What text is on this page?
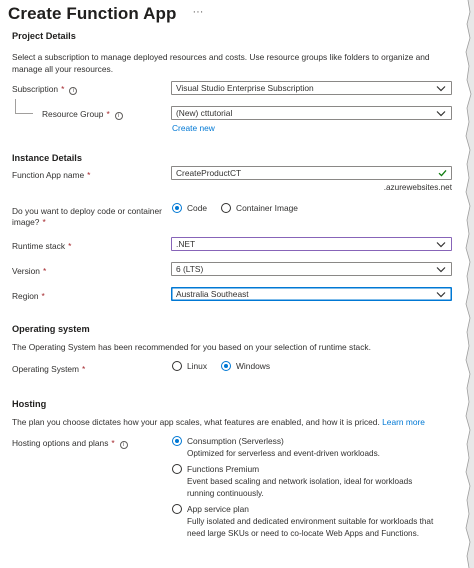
Create Function App ···
Project Details
Select a subscription to manage deployed resources and costs. Use resource groups like folders to organize and manage all your resources.
Subscription * i	Visual Studio Enterprise Subscription
Resource Group * i	(New) cttutorial
Create new
Instance Details
Function App name *	CreateProductCT
.azurewebsites.net
Do you want to deploy code or container
image? *
Code	Container Image
Runtime stack *	.NET
Version *	6 (LTS)
Region *	Australia Southeast
Operating system
The Operating System has been recommended for you based on your selection of runtime stack.
Operating System *	Linux	Windows
Hosting
The plan you choose dictates how your app scales, what features are enabled, and how it is priced. Learn more
Hosting options and plans * i	Consumption (Serverless)
Optimized for serverless and event-driven workloads.
Functions Premium
Event based scaling and network isolation, ideal for workloads
running continuously.
App service plan
Fully isolated and dedicated environment suitable for workloads that
need large SKUs or need to co-locate Web Apps and Functions.
